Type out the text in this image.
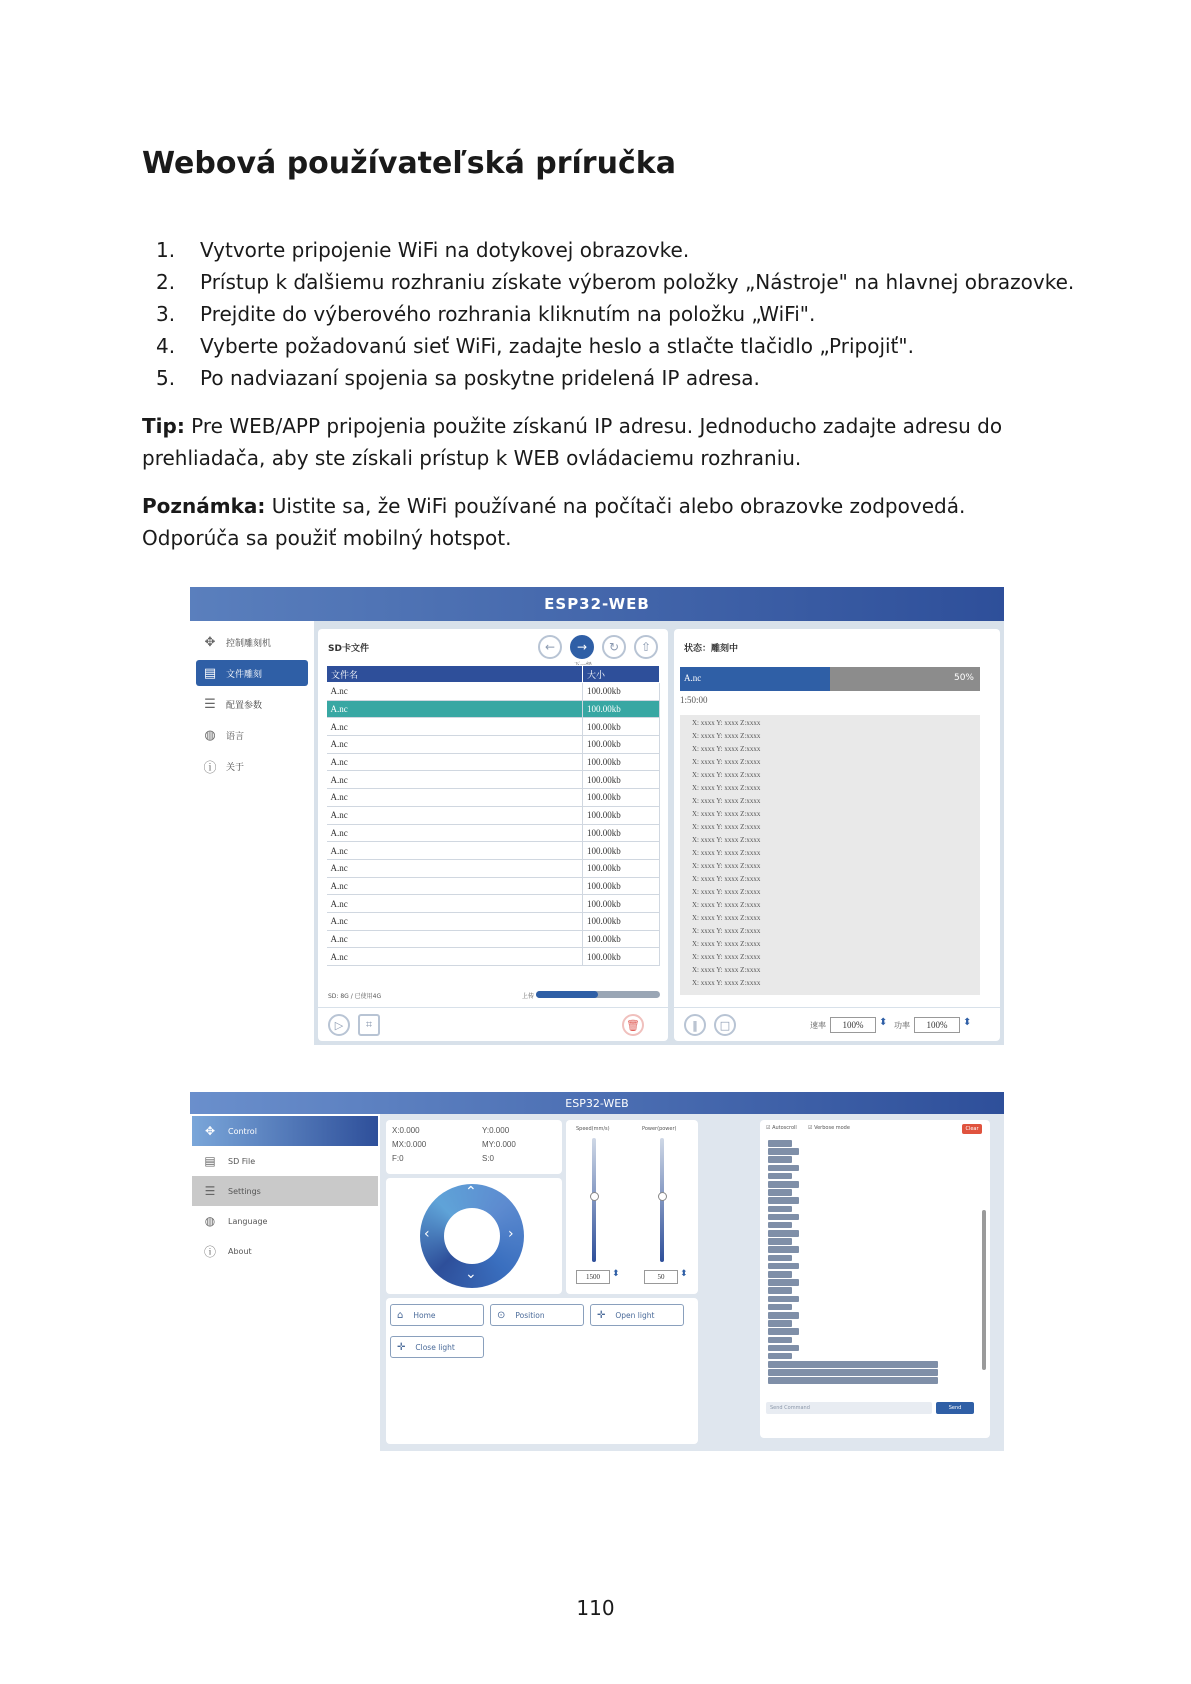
Webová používateľská príručka
1.	Vytvorte pripojenie WiFi na dotykovej obrazovke.
2.	Prístup k ďalšiemu rozhraniu získate výberom položky „Nástroje" na hlavnej obrazovke.
3.	Prejdite do výberového rozhrania kliknutím na položku „WiFi".
4.	Vyberte požadovanú sieť WiFi, zadajte heslo a stlačte tlačidlo „Pripojiť".
5.	Po nadviazaní spojenia sa poskytne pridelená IP adresa.
Tip: Pre WEB/APP pripojenia použite získanú IP adresu. Jednoducho zadajte adresu do prehliadača, aby ste získali prístup k WEB ovládaciemu rozhraniu.
Poznámka: Uistite sa, že WiFi používané na počítači alebo obrazovke zodpovedá. Odporúča sa použiť mobilný hotspot.
ESP32-WEB
✥ 控制雕刻机
▤ 文件雕刻
☰ 配置参数
◍ 语言
ⓘ 关于
SD卡文件	← → ↻ ⇧
文件名	大小
A.nc	100.00kb
A.nc	100.00kb
A.nc	100.00kb
A.nc	100.00kb
A.nc	100.00kb
A.nc	100.00kb
A.nc	100.00kb
A.nc	100.00kb
A.nc	100.00kb
A.nc	100.00kb
A.nc	100.00kb
A.nc	100.00kb
A.nc	100.00kb
A.nc	100.00kb
A.nc	100.00kb
A.nc	100.00kb
SD: 8G / 已使用4G	上传
▷ ⌗	🗑
状态：雕刻中
A.nc	50%
1:50:00
X: xxxx Y: xxxx Z:xxxx
X: xxxx Y: xxxx Z:xxxx
X: xxxx Y: xxxx Z:xxxx
X: xxxx Y: xxxx Z:xxxx
X: xxxx Y: xxxx Z:xxxx
X: xxxx Y: xxxx Z:xxxx
X: xxxx Y: xxxx Z:xxxx
X: xxxx Y: xxxx Z:xxxx
X: xxxx Y: xxxx Z:xxxx
X: xxxx Y: xxxx Z:xxxx
X: xxxx Y: xxxx Z:xxxx
X: xxxx Y: xxxx Z:xxxx
X: xxxx Y: xxxx Z:xxxx
X: xxxx Y: xxxx Z:xxxx
X: xxxx Y: xxxx Z:xxxx
X: xxxx Y: xxxx Z:xxxx
X: xxxx Y: xxxx Z:xxxx
X: xxxx Y: xxxx Z:xxxx
X: xxxx Y: xxxx Z:xxxx
X: xxxx Y: xxxx Z:xxxx
X: xxxx Y: xxxx Z:xxxx
‖ □	速率	100%	⬍ 功率	100%	⬍
ESP32-WEB
✥	Control
▤ SD File
☰	Settings
◍	Language
ⓘ About
X:0.000	Y:0.000
MX:0.000	MY:0.000
F:0	S:0
⌃
⌄
‹	›
Speed(mm/s)	Power(power)
1500	⬍	50	⬍
⌂ Home	⊙ Position	✛ Open light
✛ Close light
☑ Autoscroll ☑ Verbose mode	Clear
Send Command	Send
110
